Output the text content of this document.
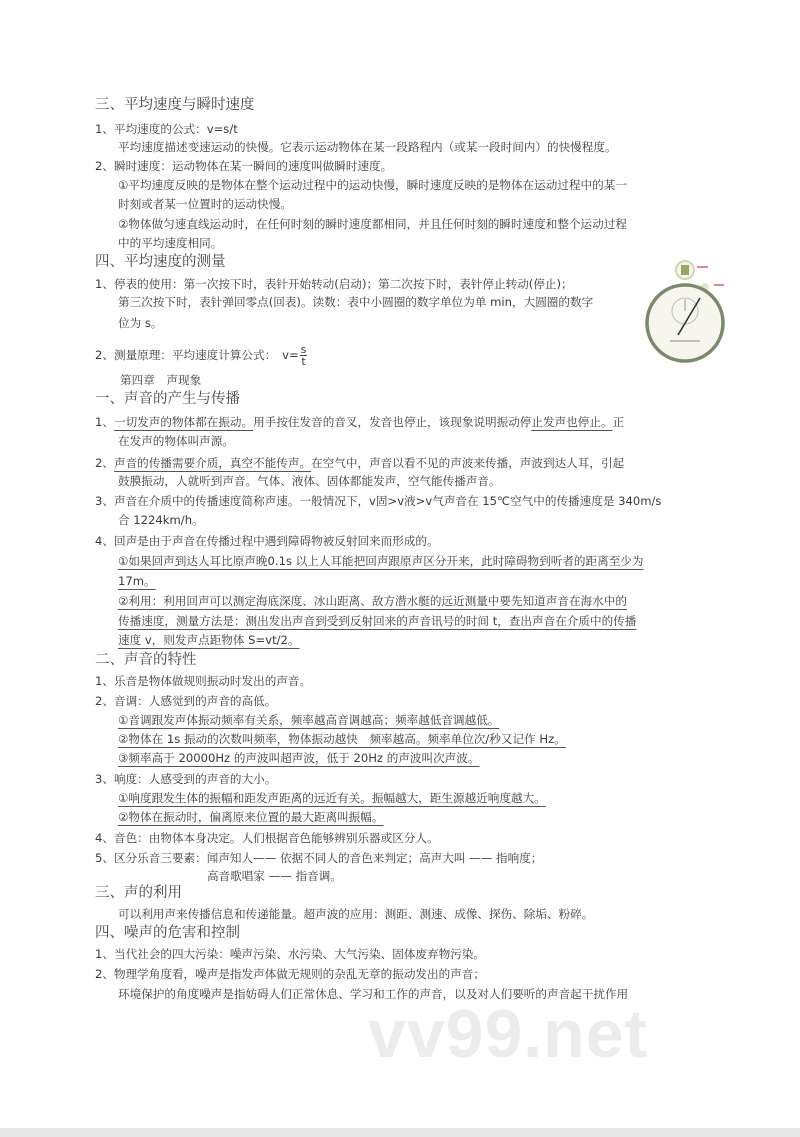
三、平均速度与瞬时速度
1、平均速度的公式：v=s/t
平均速度描述变速运动的快慢。它表示运动物体在某一段路程内（或某一段时间内）的快慢程度。
2、瞬时速度：运动物体在某一瞬间的速度叫做瞬时速度。
①平均速度反映的是物体在整个运动过程中的运动快慢，瞬时速度反映的是物体在运动过程中的某一
时刻或者某一位置时的运动快慢。
②物体做匀速直线运动时，在任何时刻的瞬时速度都相同，并且任何时刻的瞬时速度和整个运动过程
中的平均速度相同。
四、平均速度的测量
1、停表的使用：第一次按下时，表针开始转动(启动)；第二次按下时，表针停止转动(停止)；
第三次按下时，表针弹回零点(回表)。读数：表中小圆圈的数字单位为单 min，大圆圈的数字
位为 s。
2、测量原理：平均速度计算公式：　$v= \frac{s}{t}$
第四章　声现象
一、声音的产生与传播
1、一切发声的物体都在振动。用手按住发音的音叉，发音也停止，该现象说明振动停止发声也停止。正
在发声的物体叫声源。
2、声音的传播需要介质，真空不能传声。在空气中，声音以看不见的声波来传播，声波到达人耳，引起
鼓膜振动，人就听到声音。气体、液体、固体都能发声，空气能传播声音。
3、声音在介质中的传播速度简称声速。一般情况下，v固>v液>v气声音在 15℃空气中的传播速度是 340m/s
合 1224km/h。
4、回声是由于声音在传播过程中遇到障碍物被反射回来而形成的。
①如果回声到达人耳比原声晚0.1s 以上人耳能把回声跟原声区分开来，此时障碍物到听者的距离至少为
17m。
②利用：利用回声可以测定海底深度、冰山距离、敌方潜水艇的远近测量中要先知道声音在海水中的
传播速度，测量方法是：测出发出声音到受到反射回来的声音讯号的时间 t，查出声音在介质中的传播
速度 v，则发声点距物体 S=vt/2。
二、声音的特性
1、乐音是物体做规则振动时发出的声音。
2、音调：人感觉到的声音的高低。
①音调跟发声体振动频率有关系，频率越高音调越高；频率越低音调越低。
②物体在 1s 振动的次数叫频率，物体振动越快　频率越高。频率单位次/秒又记作 Hz。
③频率高于 20000Hz 的声波叫超声波，低于 20Hz 的声波叫次声波。
3、响度：人感受到的声音的大小。
①响度跟发生体的振幅和距发声距离的远近有关。振幅越大，距生源越近响度越大。
②物体在振动时，偏离原来位置的最大距离叫振幅。
4、音色：由物体本身决定。人们根据音色能够辨别乐器或区分人。
5、区分乐音三要素：闻声知人—— 依据不同人的音色来判定；高声大叫 —— 指响度；
高音歌唱家 —— 指音调。
三、声的利用
可以利用声来传播信息和传递能量。超声波的应用：测距、测速、成像、探伤、除垢、粉碎。
四、噪声的危害和控制
1、当代社会的四大污染：噪声污染、水污染、大气污染、固体废弃物污染。
2、物理学角度看，噪声是指发声体做无规则的杂乱无章的振动发出的声音；
环境保护的角度噪声是指妨碍人们正常休息、学习和工作的声音，以及对人们要听的声音起干扰作用
vv99.net
